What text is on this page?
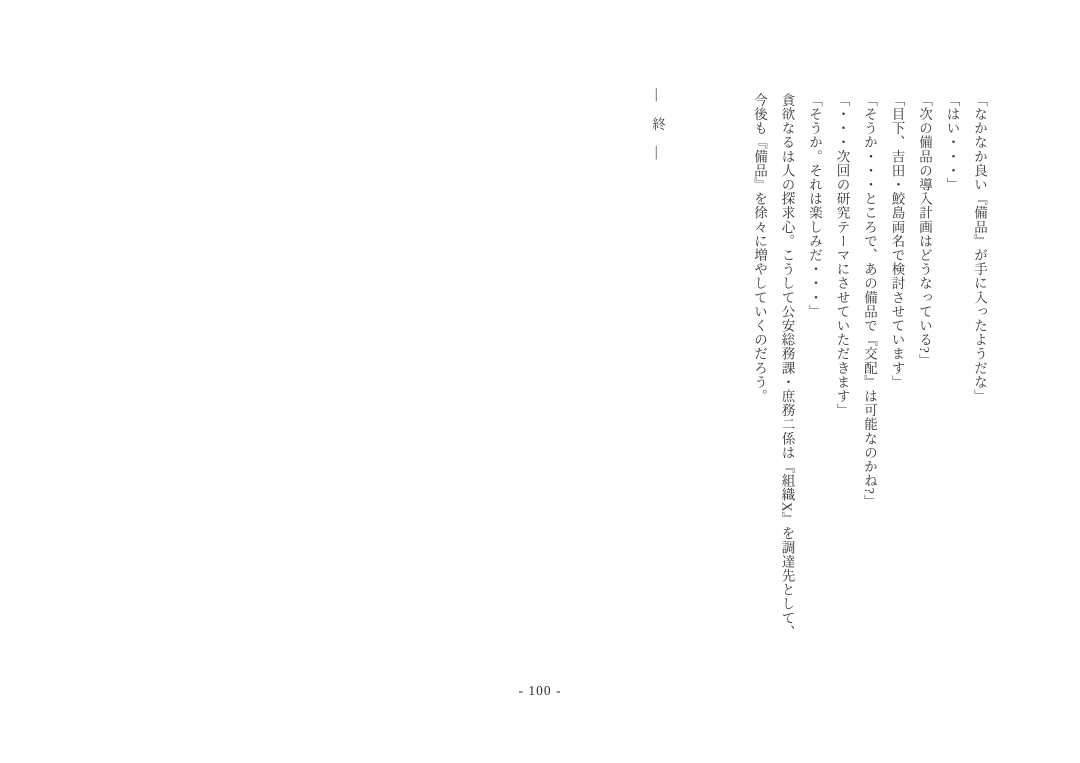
「なかなか良い『備品』が手に入ったようだな」

「はい・・・」

「次の備品の導入計画はどうなっている?」

「目下、吉田・鮫島両名で検討させています」

「そうか・・・ところで、あの備品で『交配』は可能なのかね?」

「・・・次回の研究テーマにさせていただきます」

「そうか。それは楽しみだ・・・」

貪欲なるは人の探求心。こうして公安総務課・庶務二係は『組織X』を調達先として、

今後も『備品』を徐々に増やしていくのだろう。

―　終　―
- 100 -
